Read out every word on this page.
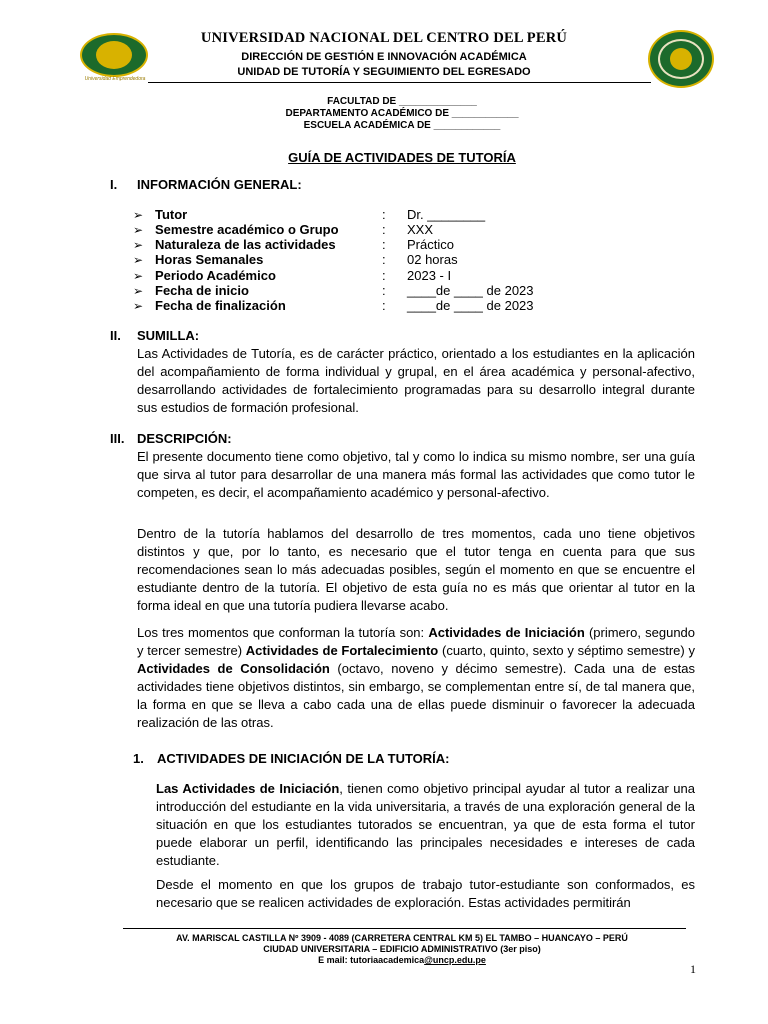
Universidad Emprendedora
UNIVERSIDAD NACIONAL DEL CENTRO DEL PERÚ
DIRECCIÓN DE GESTIÓN E INNOVACIÓN ACADÉMICA
UNIDAD DE TUTORÍA Y SEGUIMIENTO DEL EGRESADO
FACULTAD DE ______________
DEPARTAMENTO ACADÉMICO DE ____________
ESCUELA ACADÉMICA DE ____________
GUÍA DE ACTIVIDADES DE TUTORÍA
I. INFORMACIÓN GENERAL:
➢ Tutor	: Dr. ________
➢ Semestre académico o Grupo	: XXX
➢ Naturaleza de las actividades	: Práctico
➢ Horas Semanales	: 02 horas
➢ Periodo Académico	: 2023 - I
➢ Fecha de inicio	: ____de ____ de 2023
➢ Fecha de finalización	: ____de ____ de 2023
II. SUMILLA:
Las Actividades de Tutoría, es de carácter práctico, orientado a los estudiantes en la aplicación del acompañamiento de forma individual y grupal, en el área académica y personal-afectivo, desarrollando actividades de fortalecimiento programadas para su desarrollo integral durante sus estudios de formación profesional.
III. DESCRIPCIÓN:
El presente documento tiene como objetivo, tal y como lo indica su mismo nombre, ser una guía que sirva al tutor para desarrollar de una manera más formal las actividades que como tutor le competen, es decir, el acompañamiento académico y personal-afectivo.
Dentro de la tutoría hablamos del desarrollo de tres momentos, cada uno tiene objetivos distintos y que, por lo tanto, es necesario que el tutor tenga en cuenta para que sus recomendaciones sean lo más adecuadas posibles, según el momento en que se encuentre el estudiante dentro de la tutoría. El objetivo de esta guía no es más que orientar al tutor en la forma ideal en que una tutoría pudiera llevarse acabo.
Los tres momentos que conforman la tutoría son: Actividades de Iniciación (primero, segundo y tercer semestre) Actividades de Fortalecimiento (cuarto, quinto, sexto y séptimo semestre) y Actividades de Consolidación (octavo, noveno y décimo semestre). Cada una de estas actividades tiene objetivos distintos, sin embargo, se complementan entre sí, de tal manera que, la forma en que se lleva a cabo cada una de ellas puede disminuir o favorecer la adecuada realización de las otras.
1. ACTIVIDADES DE INICIACIÓN DE LA TUTORÍA:
Las Actividades de Iniciación, tienen como objetivo principal ayudar al tutor a realizar una introducción del estudiante en la vida universitaria, a través de una exploración general de la situación en que los estudiantes tutorados se encuentran, ya que de esta forma el tutor puede elaborar un perfil, identificando las principales necesidades e intereses de cada estudiante.
Desde el momento en que los grupos de trabajo tutor-estudiante son conformados, es necesario que se realicen actividades de exploración. Estas actividades permitirán
AV. MARISCAL CASTILLA Nº 3909 - 4089 (CARRETERA CENTRAL KM 5) EL TAMBO – HUANCAYO – PERÚ
CIUDAD UNIVERSITARIA – EDIFICIO ADMINISTRATIVO (3er piso)
E mail: tutoriaacademica@uncp.edu.pe
1
